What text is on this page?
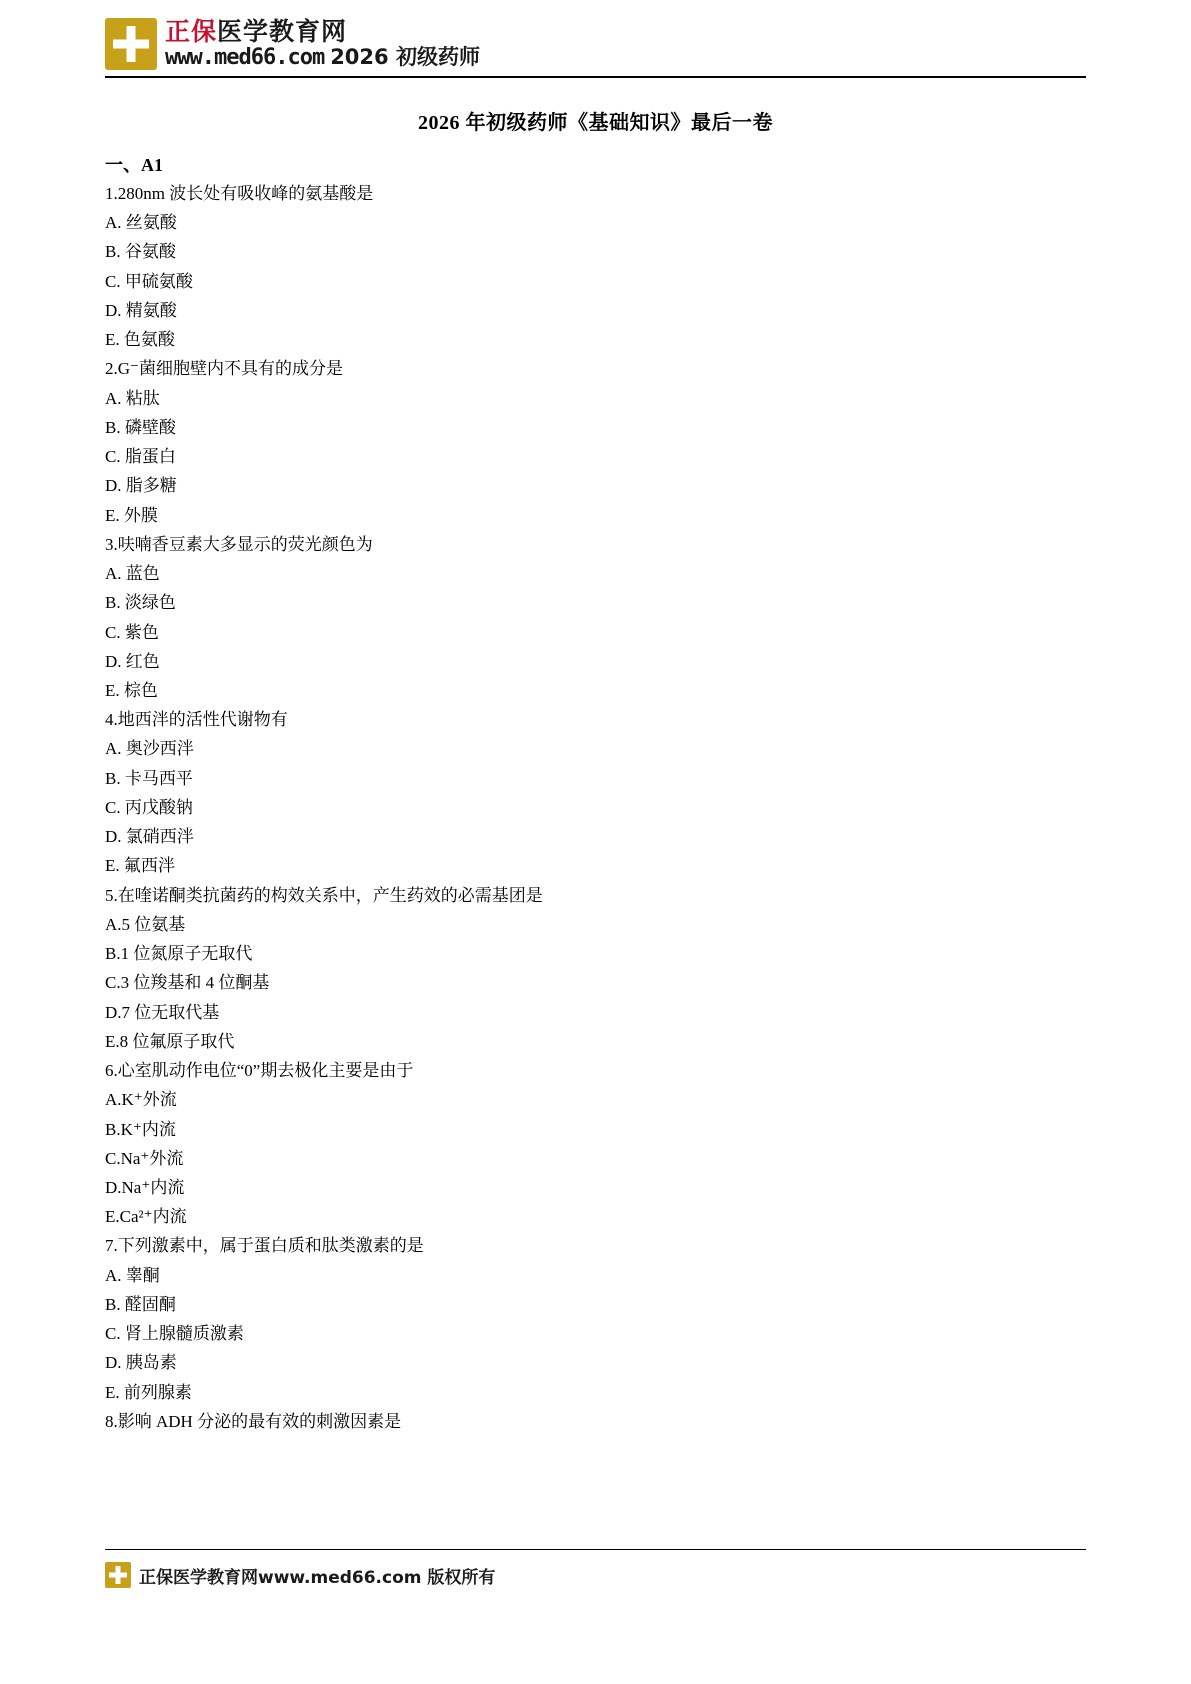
正保医学教育网
www.med66.com 2026 初级药师
2026 年初级药师《基础知识》最后一卷
一、A1
1.280nm 波长处有吸收峰的氨基酸是
A. 丝氨酸
B. 谷氨酸
C. 甲硫氨酸
D. 精氨酸
E. 色氨酸
2.G⁻菌细胞壁内不具有的成分是
A. 粘肽
B. 磷壁酸
C. 脂蛋白
D. 脂多糖
E. 外膜
3.呋喃香豆素大多显示的荧光颜色为
A. 蓝色
B. 淡绿色
C. 紫色
D. 红色
E. 棕色
4.地西泮的活性代谢物有
A. 奥沙西泮
B. 卡马西平
C. 丙戊酸钠
D. 氯硝西泮
E. 氟西泮
5.在喹诺酮类抗菌药的构效关系中，产生药效的必需基团是
A.5 位氨基
B.1 位氮原子无取代
C.3 位羧基和 4 位酮基
D.7 位无取代基
E.8 位氟原子取代
6.心室肌动作电位“0”期去极化主要是由于
A.K⁺外流
B.K⁺内流
C.Na⁺外流
D.Na⁺内流
E.Ca²⁺内流
7.下列激素中，属于蛋白质和肽类激素的是
A. 睾酮
B. 醛固酮
C. 肾上腺髓质激素
D. 胰岛素
E. 前列腺素
8.影响 ADH 分泌的最有效的刺激因素是
正保医学教育网www.med66.com 版权所有
